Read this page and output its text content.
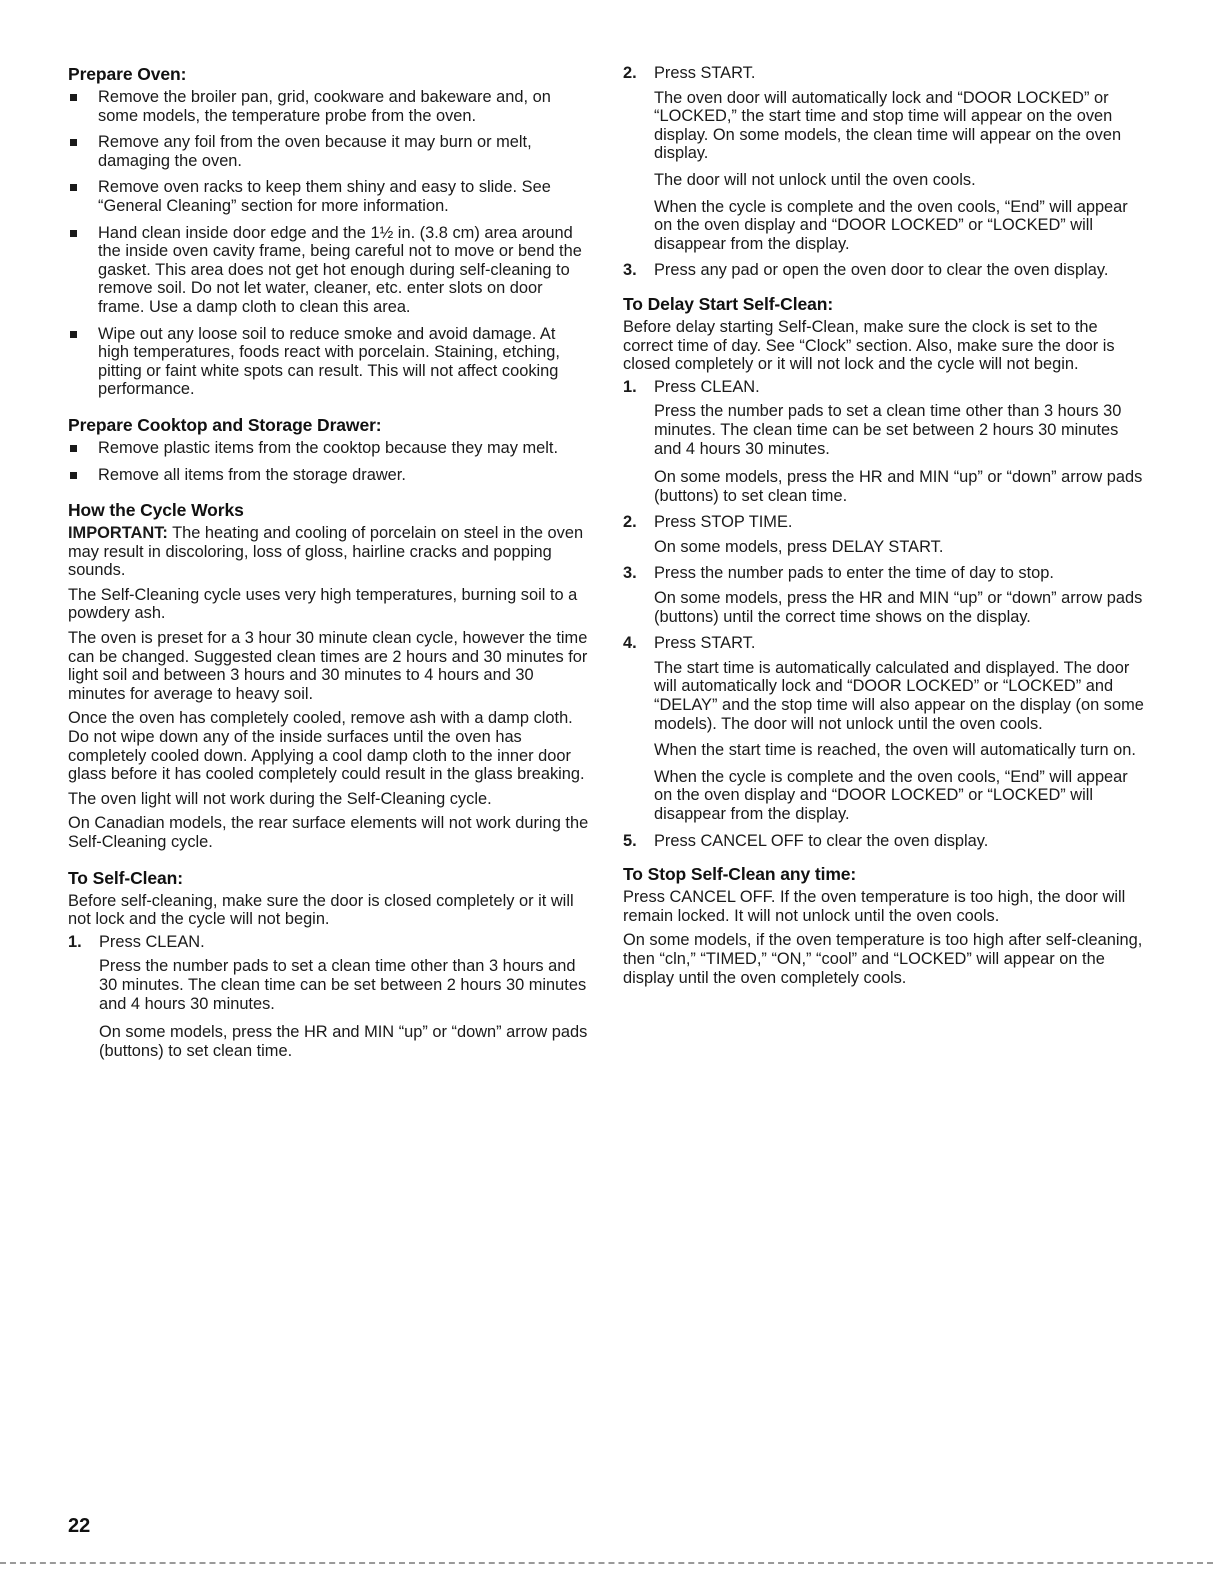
Prepare Oven:
Remove the broiler pan, grid, cookware and bakeware and, on some models, the temperature probe from the oven.
Remove any foil from the oven because it may burn or melt, damaging the oven.
Remove oven racks to keep them shiny and easy to slide. See “General Cleaning” section for more information.
Hand clean inside door edge and the 1½ in. (3.8 cm) area around the inside oven cavity frame, being careful not to move or bend the gasket. This area does not get hot enough during self-cleaning to remove soil. Do not let water, cleaner, etc. enter slots on door frame. Use a damp cloth to clean this area.
Wipe out any loose soil to reduce smoke and avoid damage. At high temperatures, foods react with porcelain. Staining, etching, pitting or faint white spots can result. This will not affect cooking performance.
Prepare Cooktop and Storage Drawer:
Remove plastic items from the cooktop because they may melt.
Remove all items from the storage drawer.
How the Cycle Works

IMPORTANT: The heating and cooling of porcelain on steel in the oven may result in discoloring, loss of gloss, hairline cracks and popping sounds.

The Self-Cleaning cycle uses very high temperatures, burning soil to a powdery ash.

The oven is preset for a 3 hour 30 minute clean cycle, however the time can be changed. Suggested clean times are 2 hours and 30 minutes for light soil and between 3 hours and 30 minutes to 4 hours and 30 minutes for average to heavy soil.

Once the oven has completely cooled, remove ash with a damp cloth. Do not wipe down any of the inside surfaces until the oven has completely cooled down. Applying a cool damp cloth to the inner door glass before it has cooled completely could result in the glass breaking.

The oven light will not work during the Self-Cleaning cycle.

On Canadian models, the rear surface elements will not work during the Self-Cleaning cycle.

To Self-Clean:

Before self-cleaning, make sure the door is closed completely or it will not lock and the cycle will not begin.

1. Press CLEAN.

Press the number pads to set a clean time other than 3 hours and 30 minutes. The clean time can be set between 2 hours 30 minutes and 4 hours 30 minutes.

On some models, press the HR and MIN “up” or “down” arrow pads (buttons) to set clean time.

2. Press START.

The oven door will automatically lock and “DOOR LOCKED” or “LOCKED,” the start time and stop time will appear on the oven display. On some models, the clean time will appear on the oven display.

The door will not unlock until the oven cools.

When the cycle is complete and the oven cools, “End” will appear on the oven display and “DOOR LOCKED” or “LOCKED” will disappear from the display.

3. Press any pad or open the oven door to clear the oven display.

To Delay Start Self-Clean:

Before delay starting Self-Clean, make sure the clock is set to the correct time of day. See “Clock” section. Also, make sure the door is closed completely or it will not lock and the cycle will not begin.

1. Press CLEAN.

Press the number pads to set a clean time other than 3 hours 30 minutes. The clean time can be set between 2 hours 30 minutes and 4 hours 30 minutes.

On some models, press the HR and MIN “up” or “down” arrow pads (buttons) to set clean time.

2. Press STOP TIME.

On some models, press DELAY START.

3. Press the number pads to enter the time of day to stop.

On some models, press the HR and MIN “up” or “down” arrow pads (buttons) until the correct time shows on the display.

4. Press START.

The start time is automatically calculated and displayed. The door will automatically lock and “DOOR LOCKED” or “LOCKED” and “DELAY” and the stop time will also appear on the display (on some models). The door will not unlock until the oven cools.

When the start time is reached, the oven will automatically turn on.

When the cycle is complete and the oven cools, “End” will appear on the oven display and “DOOR LOCKED” or “LOCKED” will disappear from the display.

5. Press CANCEL OFF to clear the oven display.

To Stop Self-Clean any time:

Press CANCEL OFF. If the oven temperature is too high, the door will remain locked. It will not unlock until the oven cools.

On some models, if the oven temperature is too high after self-cleaning, then “cln,” “TIMED,” “ON,” “cool” and “LOCKED” will appear on the display until the oven completely cools.

22
